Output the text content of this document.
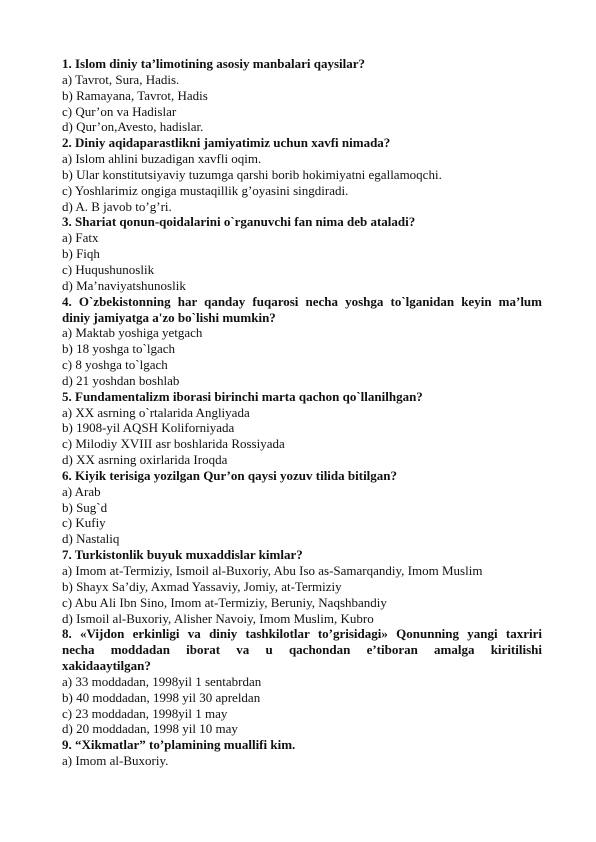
1. Islom diniy ta’limotining asosiy manbalari qaysilar?
a) Tavrot, Sura, Hadis.
b) Ramayana, Tavrot, Hadis
c) Qur’on va Hadislar
d) Qur’on,Avesto, hadislar.
2. Diniy aqidaparastlikni jamiyatimiz uchun xavfi nimada?
a) Islom ahlini buzadigan xavfli oqim.
b) Ular konstitutsiyaviy tuzumga qarshi borib hokimiyatni egallamoqchi.
c) Yoshlarimiz ongiga mustaqillik g’oyasini singdiradi.
d) A. B javob to’g’ri.
3. Shariat qonun-qoidalarini o`rganuvchi fan nima deb ataladi?
a) Fatx
b) Fiqh
c) Huqushunoslik
d) Ma’naviyatshunoslik
4. O`zbekistonning har qanday fuqarosi necha yoshga to`lganidan keyin ma’lum
diniy jamiyatga a'zo bo`lishi mumkin?
a) Maktab yoshiga yetgach
b) 18 yoshga to`lgach
c) 8 yoshga to`lgach
d) 21 yoshdan boshlab
5. Fundamentalizm iborasi birinchi marta qachon qo`llanilhgan?
a) XX asrning o`rtalarida Angliyada
b) 1908-yil AQSH Koliforniyada
c) Milodiy XVIII asr boshlarida Rossiyada
d) XX asrning oxirlarida Iroqda
6. Kiyik terisiga yozilgan Qur’on qaysi yozuv tilida bitilgan?
a) Arab
b) Sug`d
c) Kufiy
d) Nastaliq
7. Turkistonlik buyuk muxaddislar kimlar?
a) Imom at-Termiziy, Ismoil al-Buxoriy, Abu Iso as-Samarqandiy, Imom Muslim
b) Shayx Sa’diy, Axmad Yassaviy, Jomiy, at-Termiziy
c) Abu Ali Ibn Sino, Imom at-Termiziy, Beruniy, Naqshbandiy
d) Ismoil al-Buxoriy, Alisher Navoiy, Imom Muslim, Kubro
8. «Vijdon erkinligi va diniy tashkilotlar to’grisidagi» Qonunning yangi taxriri
necha moddadan iborat va u qachondan e’tiboran amalga kiritilishi
xakidaaytilgan?
a) 33 moddadan, 1998yil 1 sentabrdan
b) 40 moddadan, 1998 yil 30 apreldan
c) 23 moddadan, 1998yil 1 may
d) 20 moddadan, 1998 yil 10 may
9. “Xikmatlar” to’plamining muallifi kim.
a) Imom al-Buxoriy.
